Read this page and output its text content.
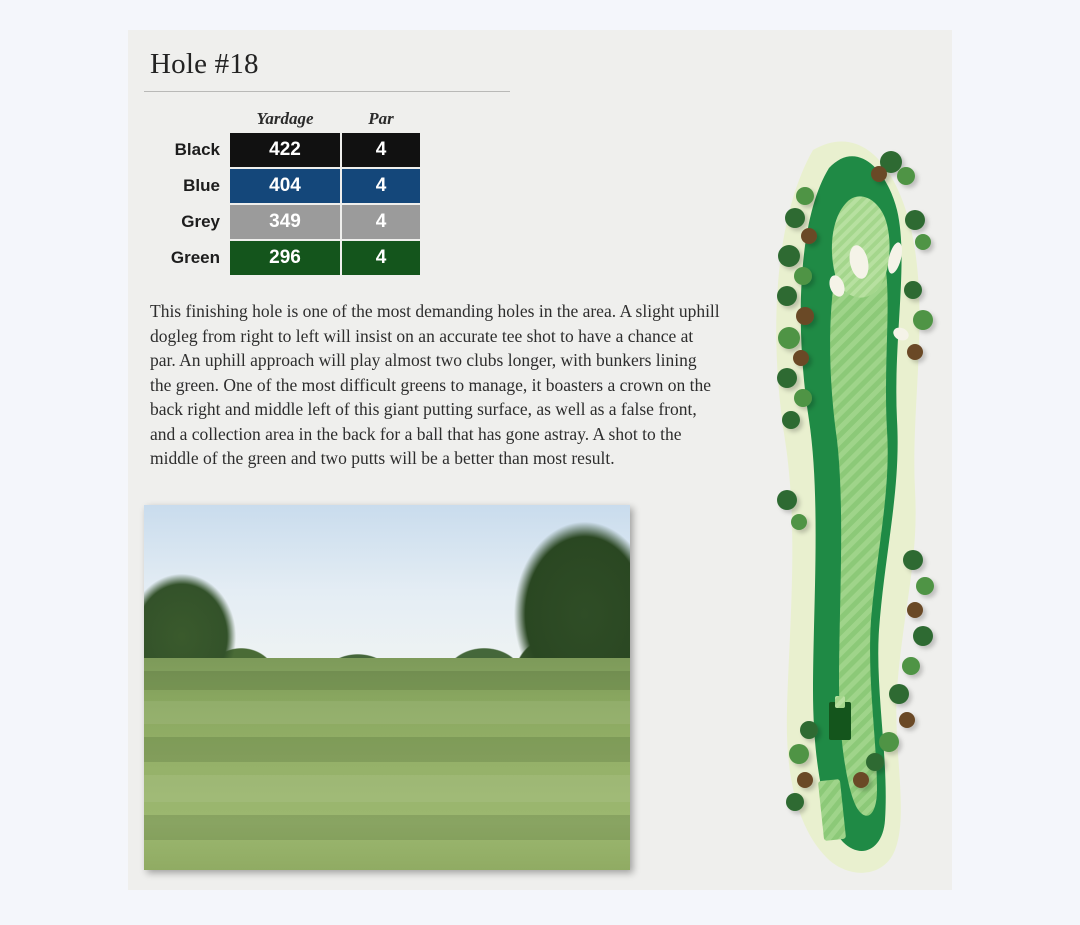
Hole #18
	Yardage	Par
Black	422	4
Blue	404	4
Grey	349	4
Green	296	4

This finishing hole is one of the most demanding holes in the area. A slight uphill dogleg from right to left will insist on an accurate tee shot to have a chance at par. An uphill approach will play almost two clubs longer, with bunkers lining the green. One of the most difficult greens to manage, it boasters a crown on the back right and middle left of this giant putting surface, as well as a false front, and a collection area in the back for a ball that has gone astray. A shot to the middle of the green and two putts will be a better than most result.
